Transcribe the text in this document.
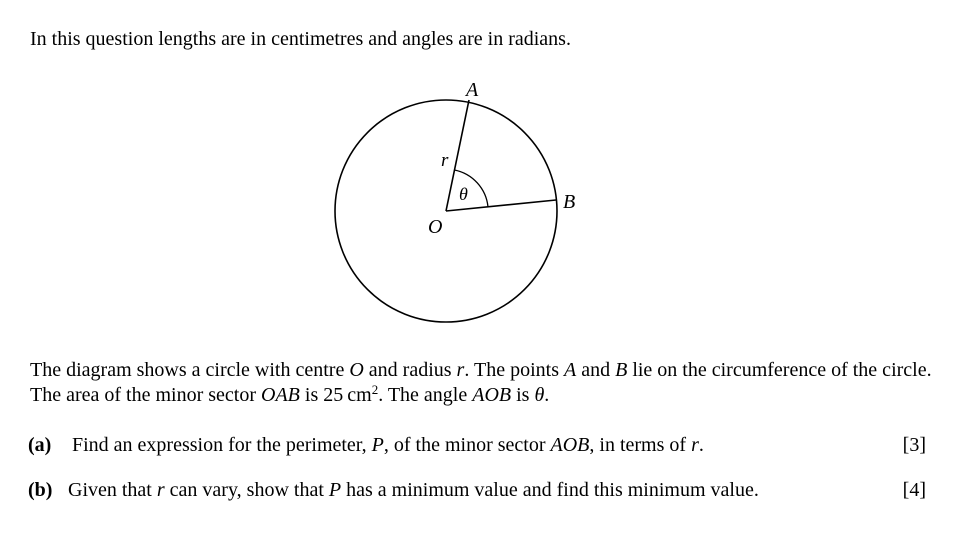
In this question lengths are in centimetres and angles are in radians.
A
B
O
r
θ
The diagram shows a circle with centre O and radius r. The points A and B lie on the circumference of the circle. The area of the minor sector OAB is 25 $cm^2$. The angle AOB is θ.
(a) Find an expression for the perimeter, P, of the minor sector AOB, in terms of r.	[3]
(b) Given that r can vary, show that P has a minimum value and find this minimum value.	[4]
